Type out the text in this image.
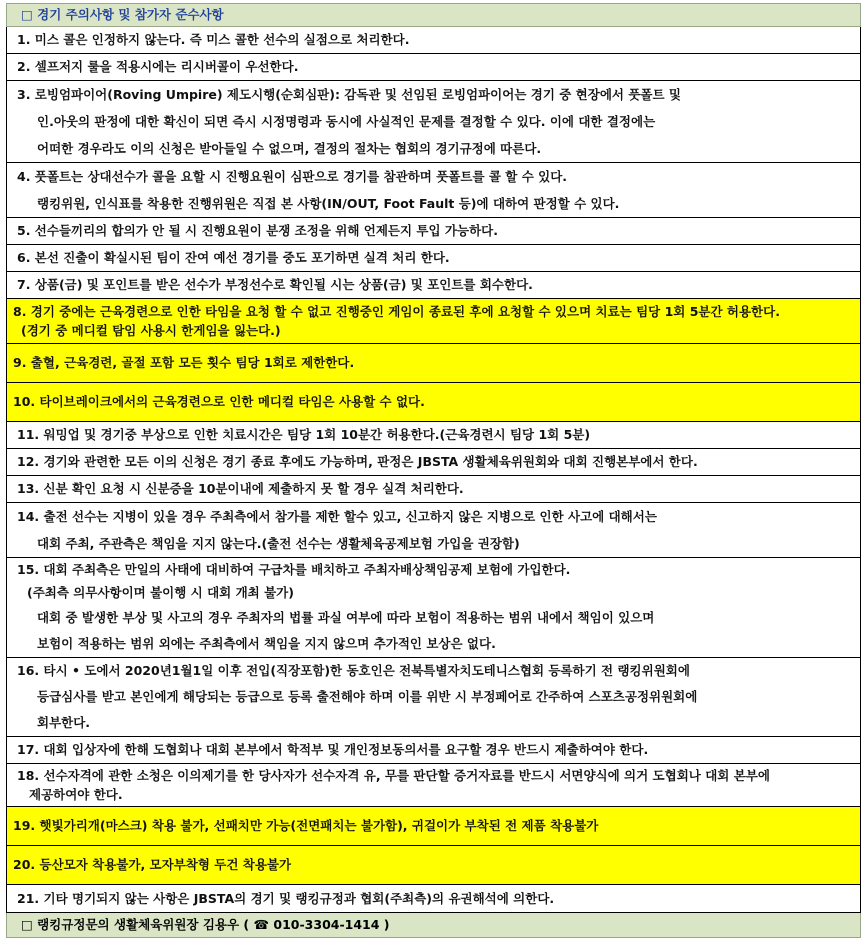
□ 경기 주의사항 및 참가자 준수사항
1. 미스 콜은 인정하지 않는다. 즉 미스 콜한 선수의 실점으로 처리한다.
2. 셀프저지 룰을 적용시에는 리시버콜이 우선한다.
3. 로빙엄파이어(Roving Umpire) 제도시행(순회심판): 감독관 및 선임된 로빙엄파이어는 경기 중 현장에서 풋폴트 및
인.아웃의 판정에 대한 확신이 되면 즉시 시정명령과 동시에 사실적인 문제를 결정할 수 있다. 이에 대한 결정에는
어떠한 경우라도 이의 신청은 받아들일 수 없으며, 결정의 절차는 협회의 경기규정에 따른다.
4. 풋폴트는 상대선수가 콜을 요할 시 진행요원이 심판으로 경기를 참관하며 풋폴트를 콜 할 수 있다.
랭킹위원, 인식표를 착용한 진행위원은 직접 본 사항(IN/OUT, Foot Fault 등)에 대하여 판정할 수 있다.
5. 선수들끼리의 합의가 안 될 시 진행요원이 분쟁 조정을 위해 언제든지 투입 가능하다.
6. 본선 진출이 확실시된 팀이 잔여 예선 경기를 중도 포기하면 실격 처리 한다.
7. 상품(금) 및 포인트를 받은 선수가 부정선수로 확인될 시는 상품(금) 및 포인트를 회수한다.

8. 경기 중에는 근육경련으로 인한 타임을 요청 할 수 없고 진행중인 게임이 종료된 후에 요청할 수 있으며 치료는 팀당 1회 5분간 허용한다.
(경기 중 메디컬 탐임 사용시 한게임을 잃는다.)

9. 출혈, 근육경련, 골절 포함 모든 횟수 팀당 1회로 제한한다.
10. 타이브레이크에서의 근육경련으로 인한 메디컬 타임은 사용할 수 없다.
11. 워밍업 및 경기중 부상으로 인한 치료시간은 팀당 1회 10분간 허용한다.(근육경련시 팀당 1회 5분)
12. 경기와 관련한 모든 이의 신청은 경기 종료 후에도 가능하며, 판정은 JBSTA 생활체육위원회와 대회 진행본부에서 한다.
13. 신분 확인 요청 시 신분증을 10분이내에 제출하지 못 할 경우 실격 처리한다.
14. 출전 선수는 지병이 있을 경우 주최측에서 참가를 제한 할수 있고, 신고하지 않은 지병으로 인한 사고에 대해서는
대회 주최, 주관측은 책임을 지지 않는다.(출전 선수는 생활체육공제보험 가입을 권장함)
15. 대회 주최측은 만일의 사태에 대비하여 구급차를 배치하고 주최자배상책임공제 보험에 가입한다.
(주최측 의무사항이며 불이행 시 대회 개최 불가)
대회 중 발생한 부상 및 사고의 경우 주최자의 법률 과실 여부에 따라 보험이 적용하는 범위 내에서 책임이 있으며
보험이 적용하는 범위 외에는 주최측에서 책임을 지지 않으며 추가적인 보상은 없다.
16. 타시 • 도에서 2020년1월1일 이후 전입(직장포함)한 동호인은 전북특별자치도테니스협회 등록하기 전 랭킹위원회에
등급심사를 받고 본인에게 해당되는 등급으로 등록 출전해야 하며 이를 위반 시 부정페어로 간주하여 스포츠공정위원회에
회부한다.
17. 대회 입상자에 한해 도협회나 대회 본부에서 학적부 및 개인정보동의서를 요구할 경우 반드시 제출하여야 한다.

18. 선수자격에 관한 소청은 이의제기를 한 당사자가 선수자격 유, 무를 판단할 증거자료를 반드시 서면양식에 의거 도협회나 대회 본부에
제공하여야 한다.

19. 햇빛가리개(마스크) 착용 불가, 선패치만 가능(전면패치는 불가함), 귀걸이가 부착된 전 제품 착용불가
20. 등산모자 착용불가, 모자부착형 두건 착용불가
21. 기타 명기되지 않는 사항은 JBSTA의 경기 및 랭킹규정과 협회(주최측)의 유권해석에 의한다.
□ 랭킹규정문의 생활체육위원장 김용우 ( ☎ 010-3304-1414 )
